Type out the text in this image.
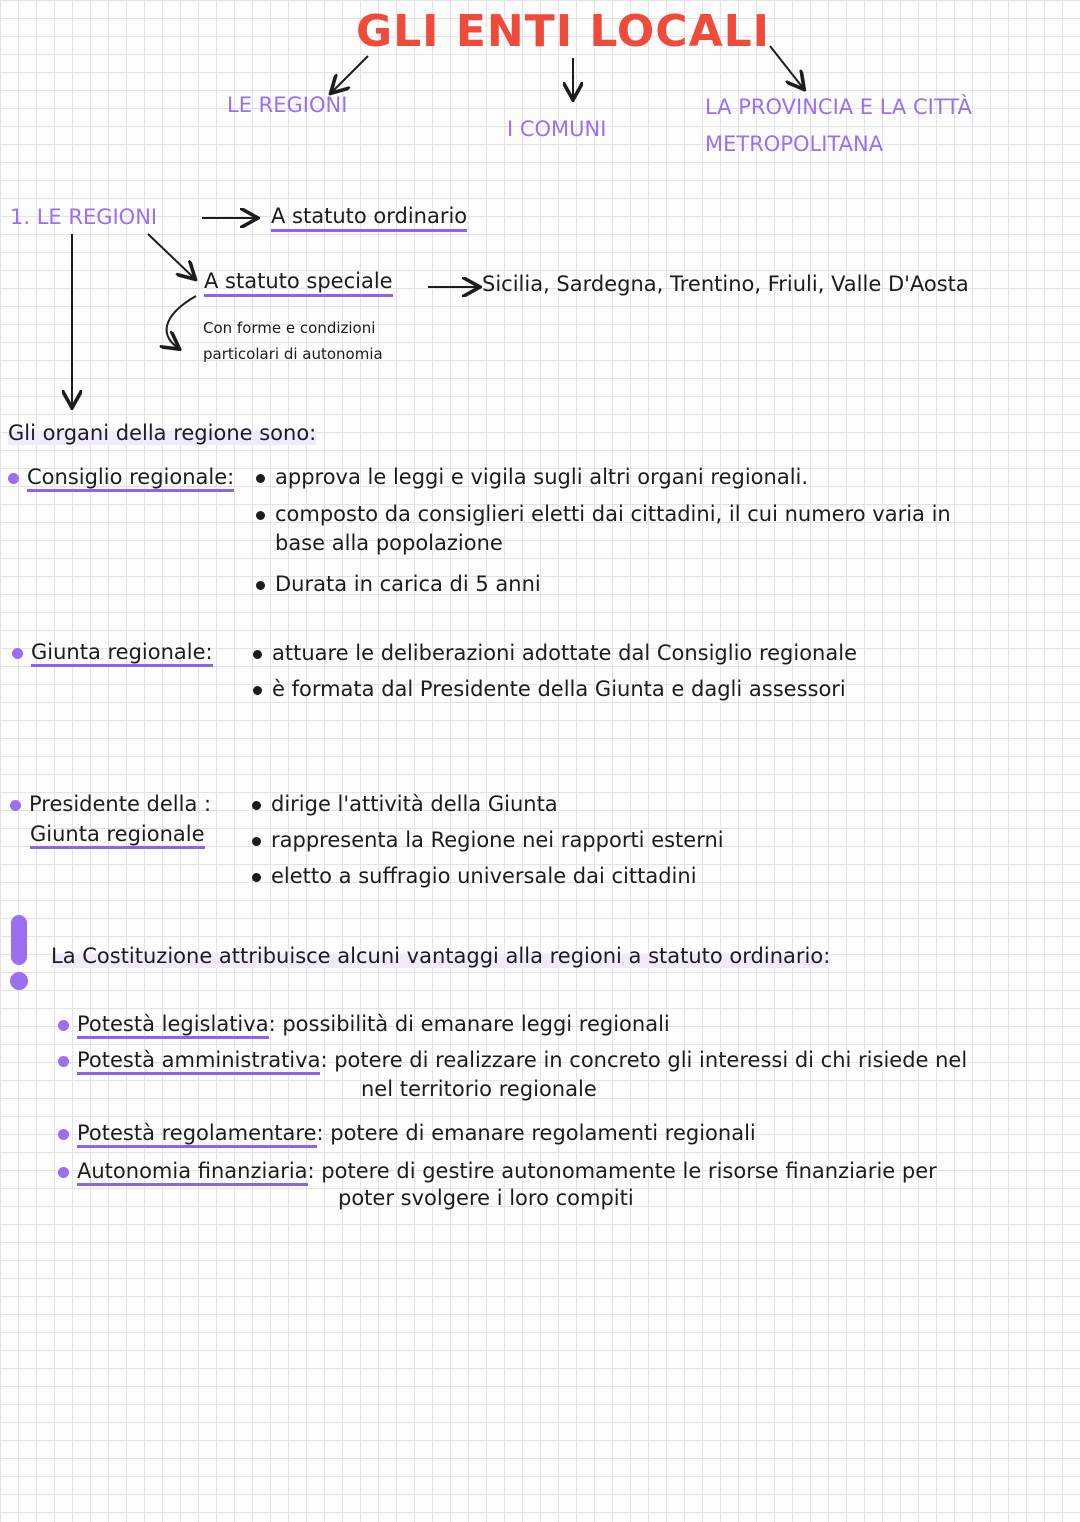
GLI ENTI LOCALI
LE REGIONI
I COMUNI
LA PROVINCIA E LA CITTÀ
METROPOLITANA
1. LE REGIONI	A statuto ordinario
A statuto speciale	Sicilia, Sardegna, Trentino, Friuli, Valle D'Aosta
Con forme e condizioni
particolari di autonomia
Gli organi della regione sono:
Consiglio regionale:	approva le leggi e vigila sugli altri organi regionali.
composto da consiglieri eletti dai cittadini, il cui numero varia in
base alla popolazione
Durata in carica di 5 anni
Giunta regionale:	attuare le deliberazioni adottate dal Consiglio regionale
è formata dal Presidente della Giunta e dagli assessori
Presidente della :
Giunta regionale
dirige l'attività della Giunta
rappresenta la Regione nei rapporti esterni
eletto a suffragio universale dai cittadini
La Costituzione attribuisce alcuni vantaggi alla regioni a statuto ordinario:
Potestà legislativa: possibilità di emanare leggi regionali
Potestà amministrativa: potere di realizzare in concreto gli interessi di chi risiede nel
nel territorio regionale
Potestà regolamentare: potere di emanare regolamenti regionali
Autonomia finanziaria: potere di gestire autonomamente le risorse finanziarie per
poter svolgere i loro compiti
